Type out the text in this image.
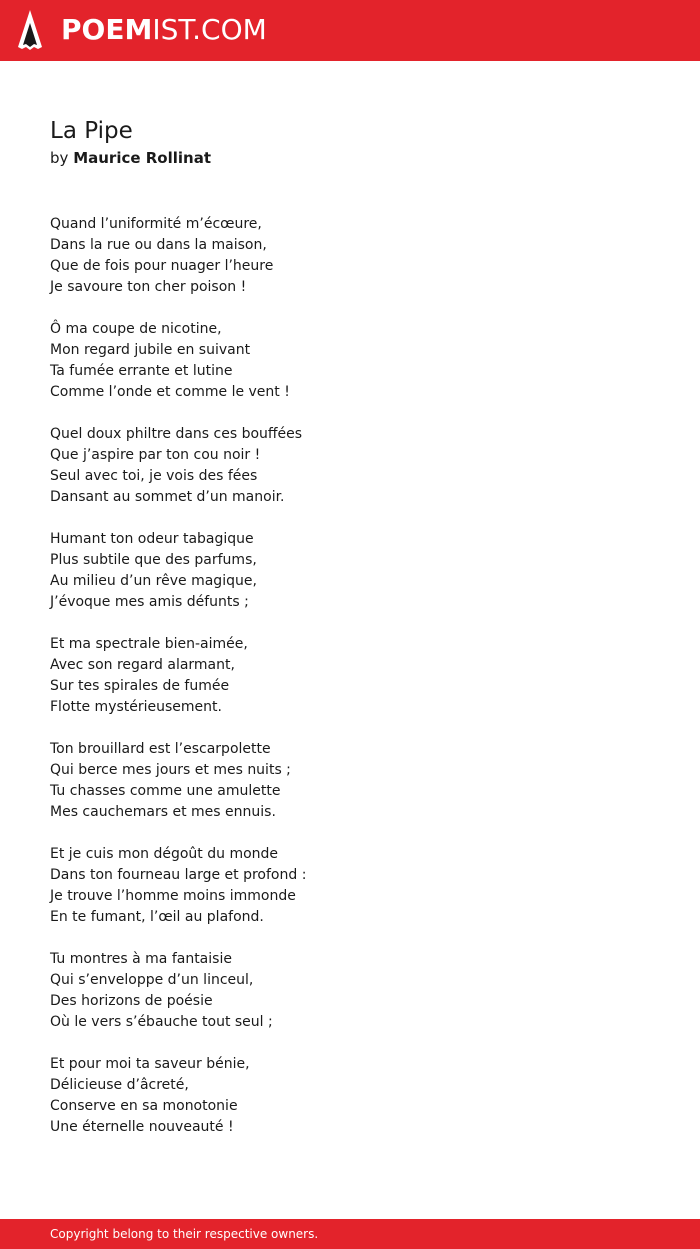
POEMIST.COM
La Pipe
by Maurice Rollinat
Quand l’uniformité m’écœure,
Dans la rue ou dans la maison,
Que de fois pour nuager l’heure
Je savoure ton cher poison !
Ô ma coupe de nicotine,
Mon regard jubile en suivant
Ta fumée errante et lutine
Comme l’onde et comme le vent !
Quel doux philtre dans ces bouffées
Que j’aspire par ton cou noir !
Seul avec toi, je vois des fées
Dansant au sommet d’un manoir.
Humant ton odeur tabagique
Plus subtile que des parfums,
Au milieu d’un rêve magique,
J’évoque mes amis défunts ;
Et ma spectrale bien-aimée,
Avec son regard alarmant,
Sur tes spirales de fumée
Flotte mystérieusement.
Ton brouillard est l’escarpolette
Qui berce mes jours et mes nuits ;
Tu chasses comme une amulette
Mes cauchemars et mes ennuis.
Et je cuis mon dégoût du monde
Dans ton fourneau large et profond :
Je trouve l’homme moins immonde
En te fumant, l’œil au plafond.
Tu montres à ma fantaisie
Qui s’enveloppe d’un linceul,
Des horizons de poésie
Où le vers s’ébauche tout seul ;
Et pour moi ta saveur bénie,
Délicieuse d’âcreté,
Conserve en sa monotonie
Une éternelle nouveauté !
Copyright belong to their respective owners.
